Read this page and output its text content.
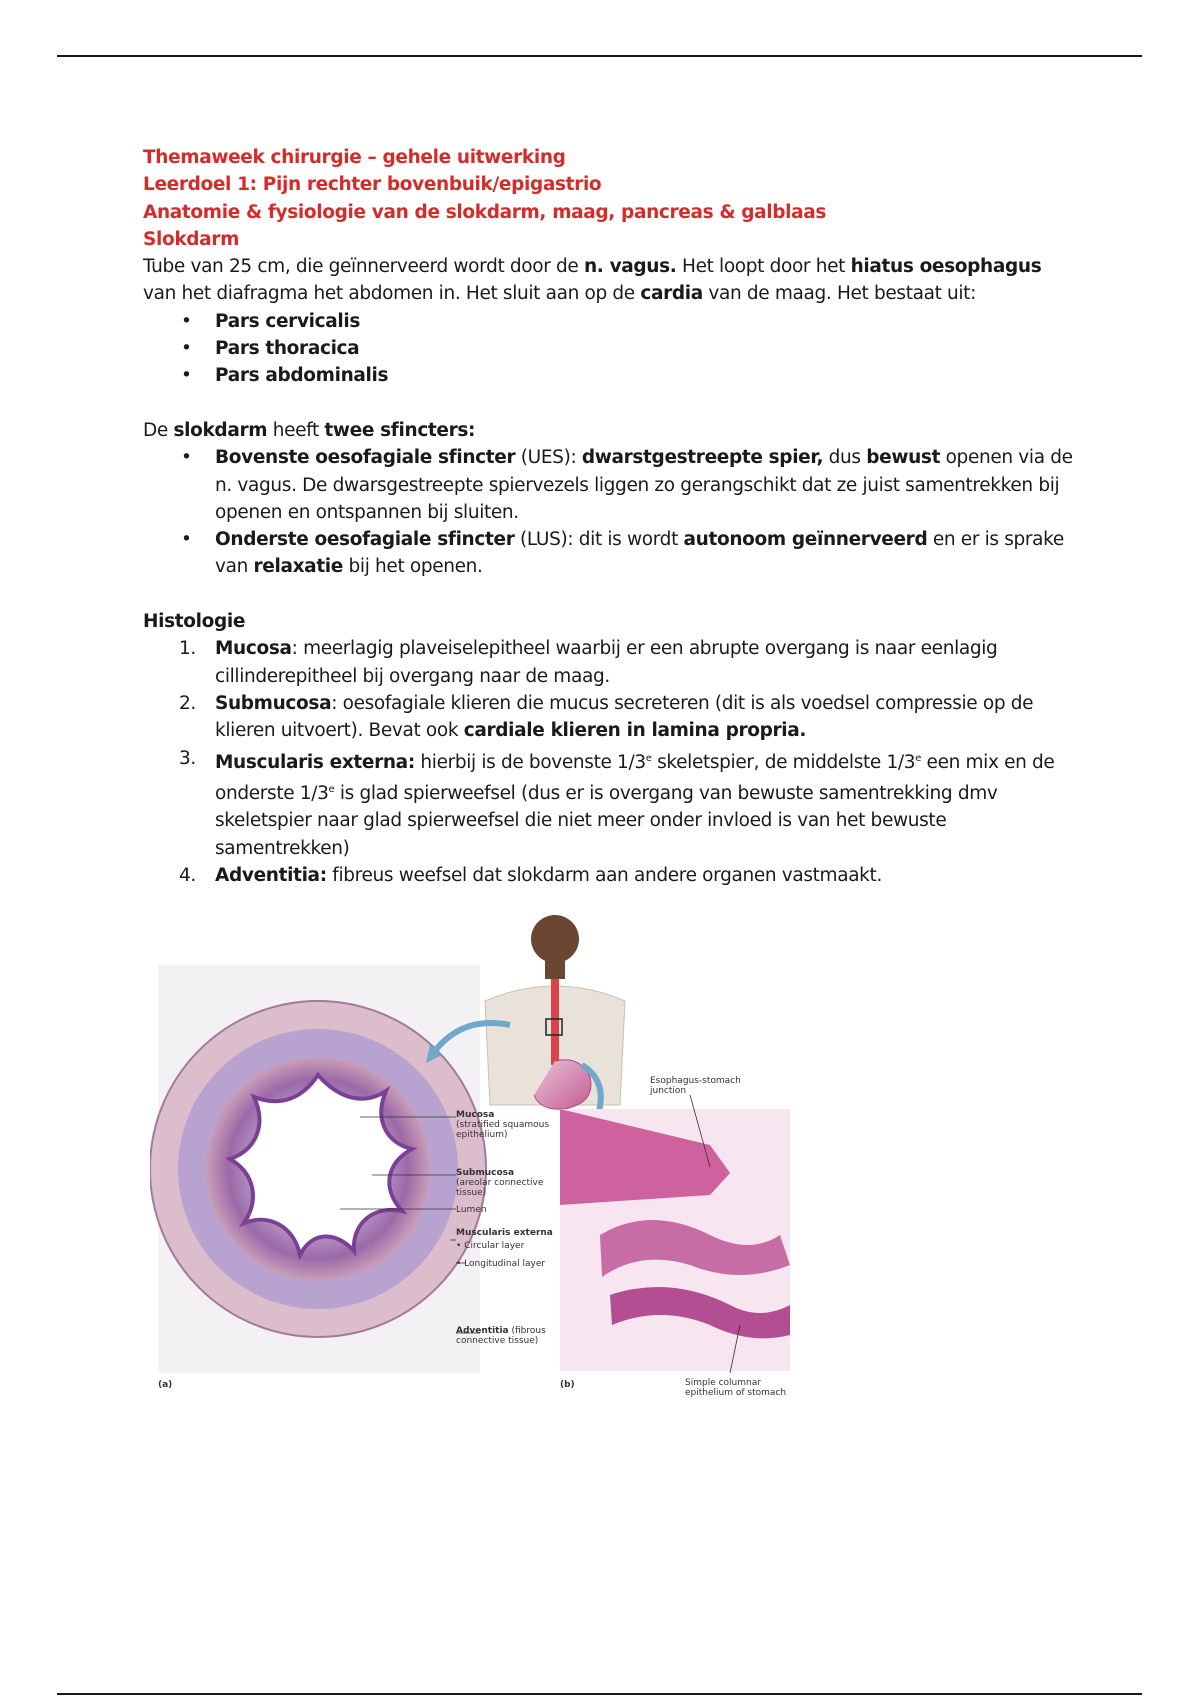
Themaweek chirurgie – gehele uitwerking

Leerdoel 1: Pijn rechter bovenbuik/epigastrio

Anatomie & fysiologie van de slokdarm, maag, pancreas & galblaas

Slokdarm

Tube van 25 cm, die geïnnerveerd wordt door de n. vagus. Het loopt door het hiatus oesophagus van het diafragma het abdomen in. Het sluit aan op de cardia van de maag. Het bestaat uit:

• Pars cervicalis
• Pars thoracica
• Pars abdominalis

De slokdarm heeft twee sfincters:

• Bovenste oesofagiale sfincter (UES): dwarstgestreepte spier, dus bewust openen via de n. vagus. De dwarsgestreepte spiervezels liggen zo gerangschikt dat ze juist samentrekken bij openen en ontspannen bij sluiten.
• Onderste oesofagiale sfincter (LUS): dit is wordt autonoom geïnnerveerd en er is sprake van relaxatie bij het openen.

Histologie

1. Mucosa: meerlagig plaveiselepitheel waarbij er een abrupte overgang is naar eenlagig cillinderepitheel bij overgang naar de maag.
2. Submucosa: oesofagiale klieren die mucus secreteren (dit is als voedsel compressie op de klieren uitvoert). Bevat ook cardiale klieren in lamina propria.
3. Muscularis externa: hierbij is de bovenste 1/3e skeletspier, de middelste 1/3e een mix en de onderste 1/3e is glad spierweefsel (dus er is overgang van bewuste samentrekking dmv skeletspier naar glad spierweefsel die niet meer onder invloed is van het bewuste samentrekken)
4. Adventitia: fibreus weefsel dat slokdarm aan andere organen vastmaakt.
Mucosa
(stratified squamous
epithelium)
Submucosa
(areolar connective
tissue)
Lumen
Muscularis externa
• Circular layer
• Longitudinal layer
Adventitia (fibrous
connective tissue)
Esophagus-stomach
junction
Simple columnar
epithelium of stomach
(a)	(b)
